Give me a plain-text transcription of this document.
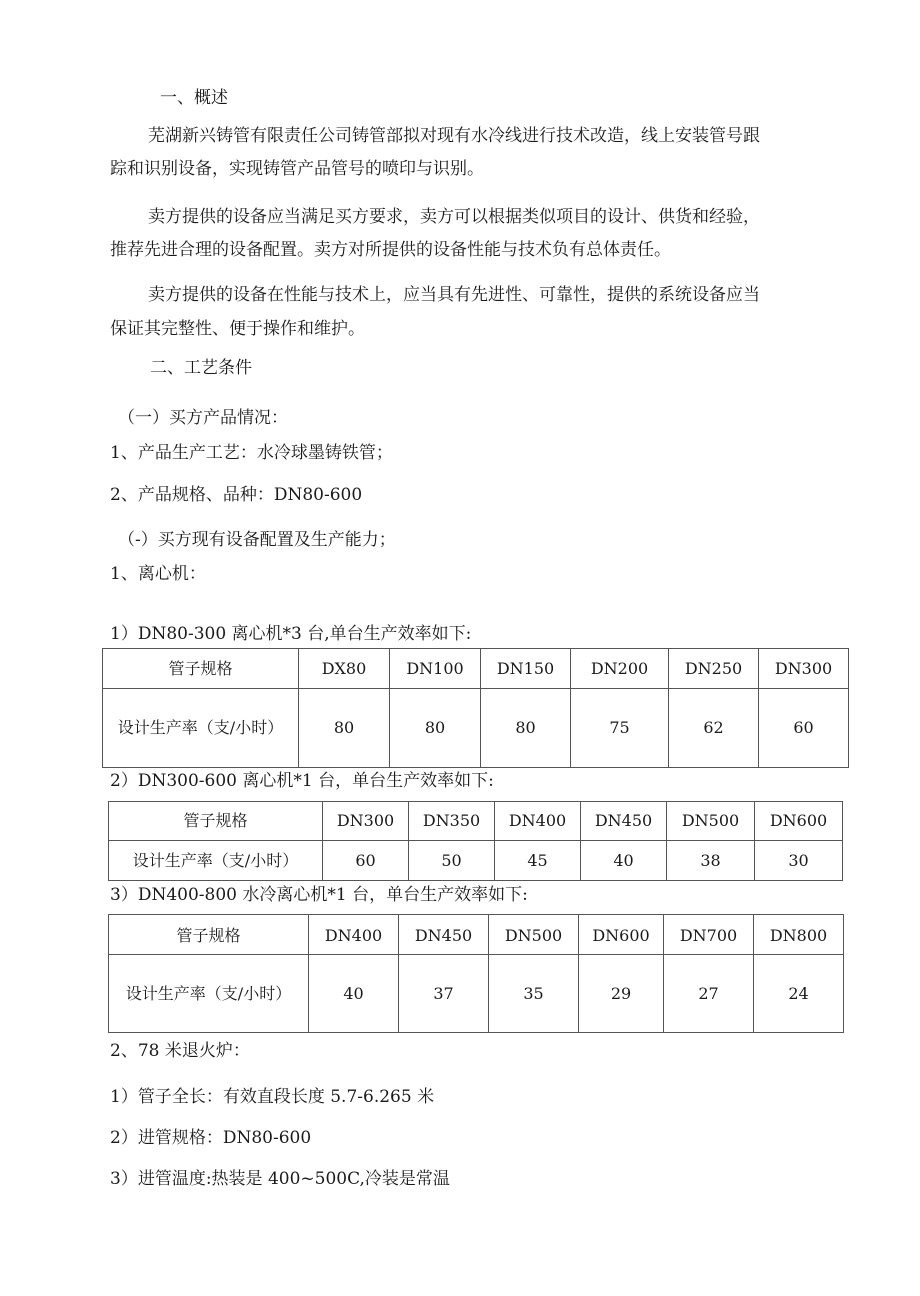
一、概述
芜湖新兴铸管有限责任公司铸管部拟对现有水冷线进行技术改造，线上安装管号跟
踪和识别设备，实现铸管产品管号的喷印与识别。
卖方提供的设备应当满足买方要求，卖方可以根据类似项目的设计、供货和经验，
推荐先进合理的设备配置。卖方对所提供的设备性能与技术负有总体责任。
卖方提供的设备在性能与技术上，应当具有先进性、可靠性，提供的系统设备应当
保证其完整性、便于操作和维护。
二、工艺条件
（一）买方产品情况：
1、产品生产工艺：水冷球墨铸铁管；
2、产品规格、品种：DN80-600
（-）买方现有设备配置及生产能力；
1、离心机：
1）DN80-300 离心机*3 台,单台生产效率如下:
管子规格	DX80	DN100	DN150	DN200	DN250	DN300
设计生产率（支/小时）	80	80	80	75	62	60
2）DN300-600 离心机*1 台，单台生产效率如下:
管子规格	DN300	DN350	DN400	DN450	DN500	DN600
设计生产率（支/小时）	60	50	45	40	38	30
3）DN400-800 水冷离心机*1 台，单台生产效率如下:
管子规格	DN400	DN450	DN500	DN600	DN700	DN800
设计生产率（支/小时）	40	37	35	29	27	24
2、78 米退火炉：
1）管子全长：有效直段长度 5.7-6.265 米
2）进管规格：DN80-600
3）进管温度:热装是 400~500C,冷装是常温
